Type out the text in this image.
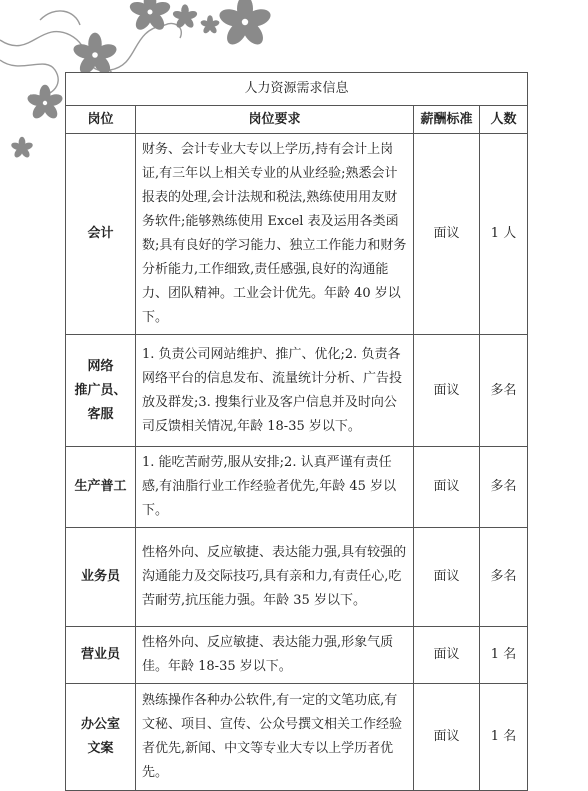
人力资源需求信息			
岗位	岗位要求	薪酬标准	人数
会计	财务、会计专业大专以上学历,持有会计上岗证,有三年以上相关专业的从业经验;熟悉会计报表的处理,会计法规和税法,熟练使用用友财务软件;能够熟练使用 Excel 表及运用各类函数;具有良好的学习能力、独立工作能力和财务分析能力,工作细致,责任感强,良好的沟通能力、团队精神。工业会计优先。年龄 40 岁以下。	面议	1 人
网络
推广员、
客服	1. 负责公司网站维护、推广、优化;2. 负责各网络平台的信息发布、流量统计分析、广告投放及群发;3. 搜集行业及客户信息并及时向公司反馈相关情况,年龄 18-35 岁以下。	面议	多名
生产普工	1. 能吃苦耐劳,服从安排;2. 认真严谨有责任感,有油脂行业工作经验者优先,年龄 45 岁以下。	面议	多名
业务员	性格外向、反应敏捷、表达能力强,具有较强的沟通能力及交际技巧,具有亲和力,有责任心,吃苦耐劳,抗压能力强。年龄 35 岁以下。	面议	多名
营业员	性格外向、反应敏捷、表达能力强,形象气质佳。年龄 18-35 岁以下。	面议	1 名
办公室
文案	熟练操作各种办公软件,有一定的文笔功底,有文秘、项目、宣传、公众号撰文相关工作经验者优先,新闻、中文等专业大专以上学历者优先。	面议	1 名
